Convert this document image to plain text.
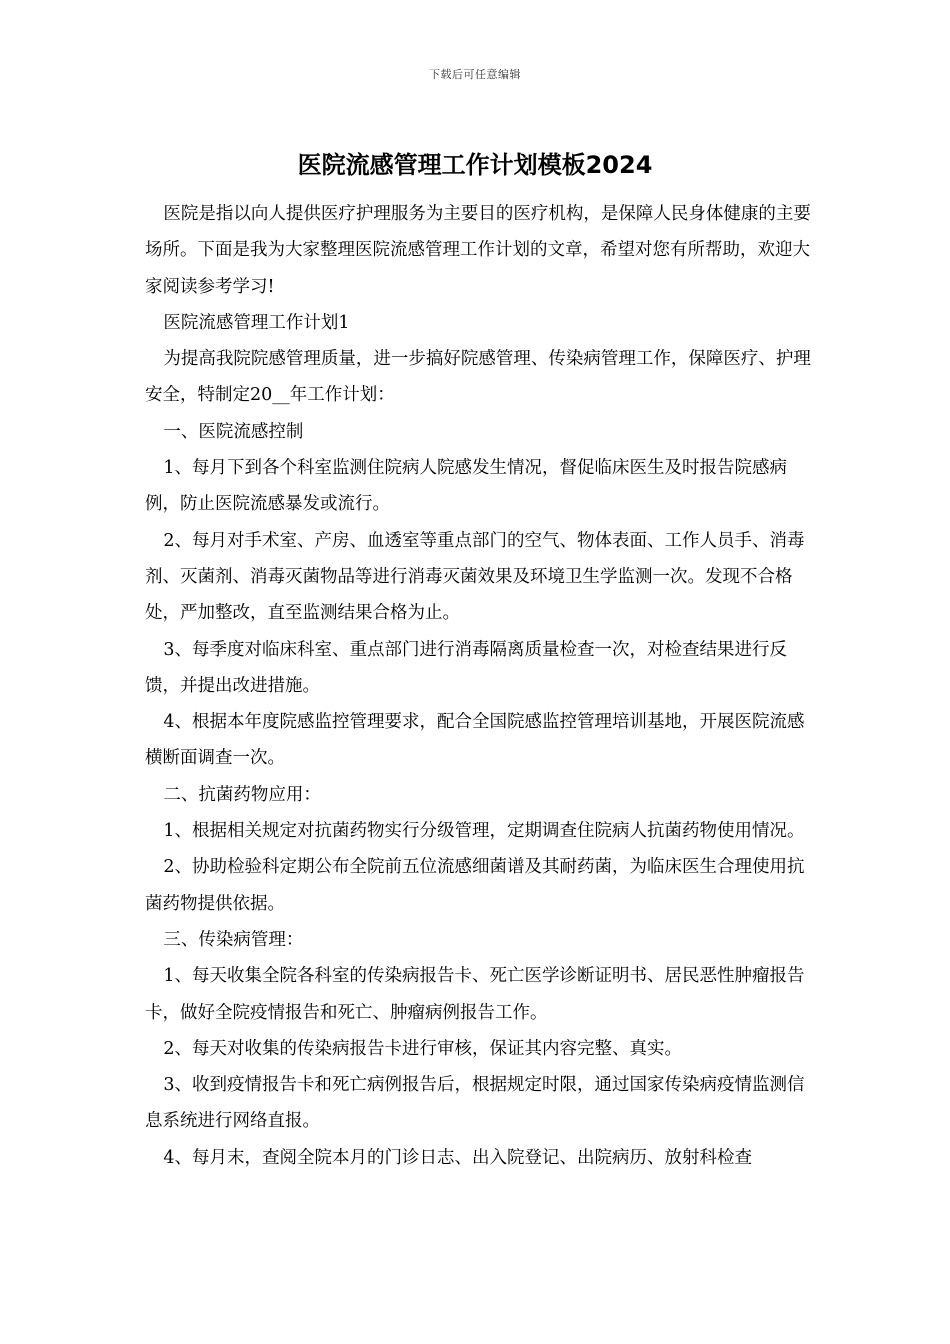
下载后可任意编辑
医院流感管理工作计划模板2024

医院是指以向人提供医疗护理服务为主要目的医疗机构，是保障人民身体健康的主要场所。下面是我为大家整理医院流感管理工作计划的文章，希望对您有所帮助，欢迎大家阅读参考学习!

医院流感管理工作计划1

为提高我院院感管理质量，进一步搞好院感管理、传染病管理工作，保障医疗、护理安全，特制定20__年工作计划：

一、医院流感控制

1、每月下到各个科室监测住院病人院感发生情况，督促临床医生及时报告院感病例，防止医院流感暴发或流行。

2、每月对手术室、产房、血透室等重点部门的空气、物体表面、工作人员手、消毒剂、灭菌剂、消毒灭菌物品等进行消毒灭菌效果及环境卫生学监测一次。发现不合格处，严加整改，直至监测结果合格为止。

3、每季度对临床科室、重点部门进行消毒隔离质量检查一次，对检查结果进行反馈，并提出改进措施。

4、根据本年度院感监控管理要求，配合全国院感监控管理培训基地，开展医院流感横断面调查一次。

二、抗菌药物应用：

1、根据相关规定对抗菌药物实行分级管理，定期调查住院病人抗菌药物使用情况。

2、协助检验科定期公布全院前五位流感细菌谱及其耐药菌，为临床医生合理使用抗菌药物提供依据。

三、传染病管理：

1、每天收集全院各科室的传染病报告卡、死亡医学诊断证明书、居民恶性肿瘤报告卡，做好全院疫情报告和死亡、肿瘤病例报告工作。

2、每天对收集的传染病报告卡进行审核，保证其内容完整、真实。

3、收到疫情报告卡和死亡病例报告后，根据规定时限，通过国家传染病疫情监测信息系统进行网络直报。

4、每月末，查阅全院本月的门诊日志、出入院登记、出院病历、放射科检查
